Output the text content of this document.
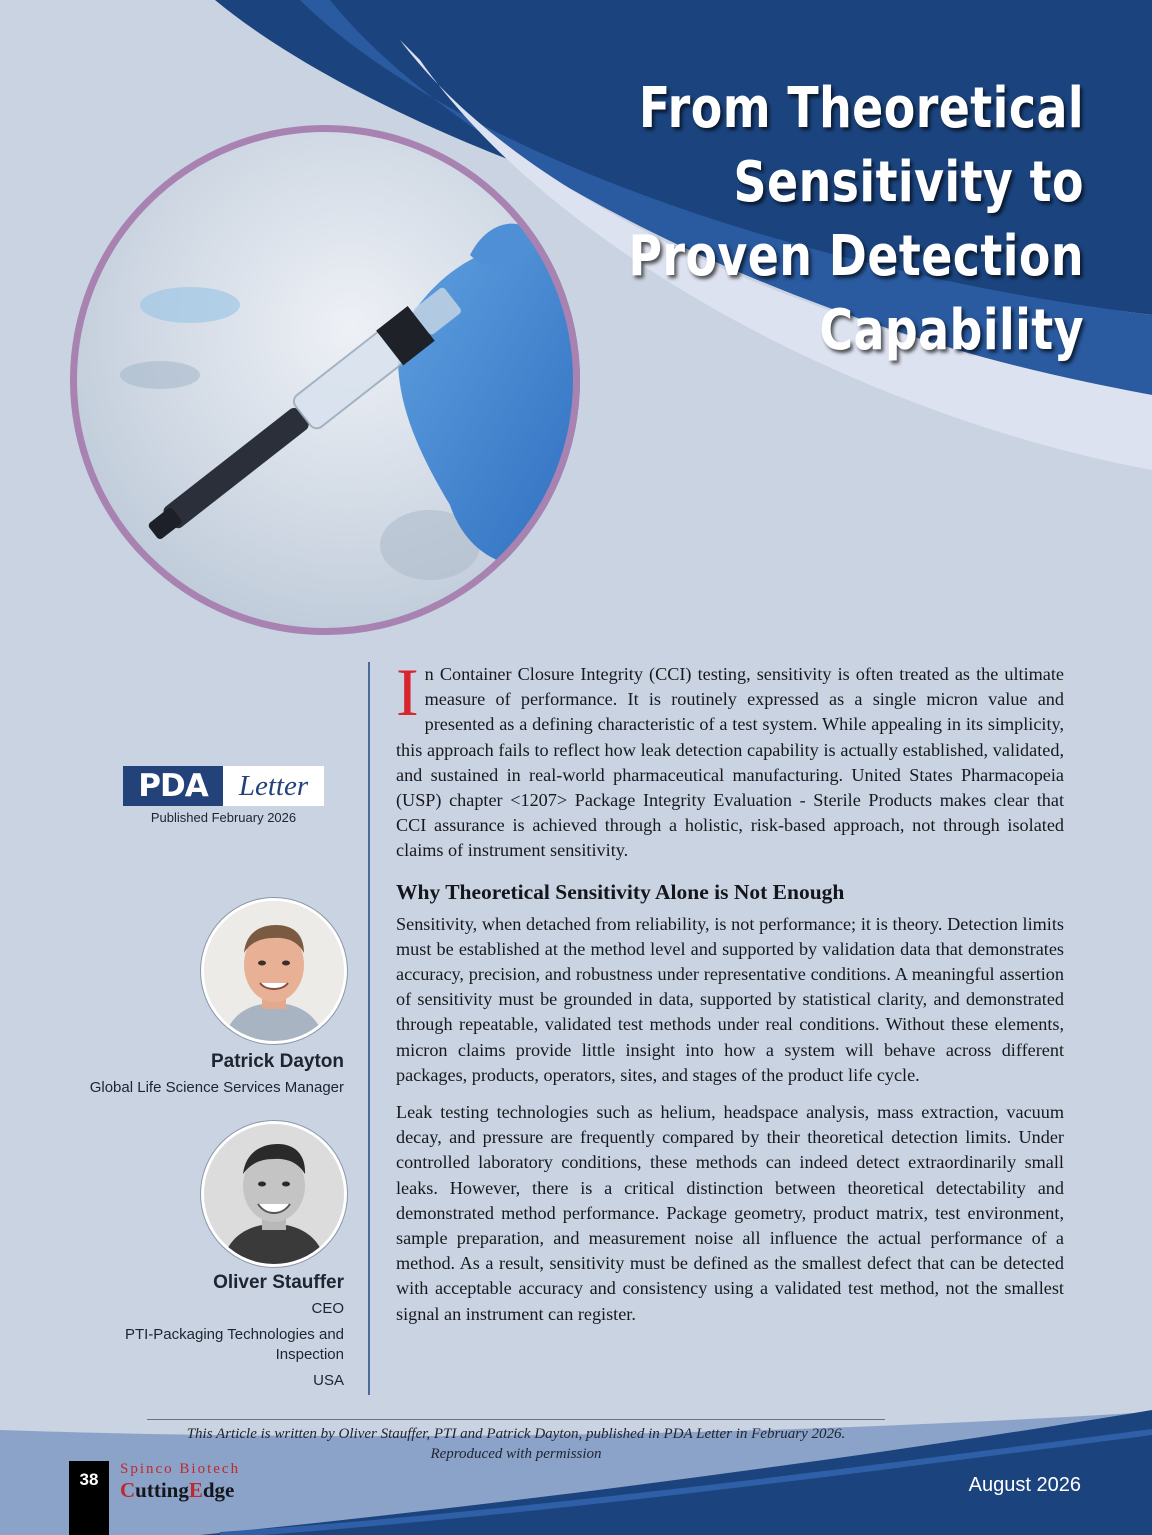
From Theoretical Sensitivity to
Proven Detection Capability
PDA	Letter
Published February 2026
Patrick Dayton
Global Life Science Services Manager
Oliver Stauffer
CEO
PTI-Packaging Technologies and Inspection
USA

In Container Closure Integrity (CCI) testing, sensitivity is often treated as the ultimate measure of performance. It is routinely expressed as a single micron value and presented as a defining characteristic of a test system. While appealing in its simplicity, this approach fails to reflect how leak detection capability is actually established, validated, and sustained in real-world pharmaceutical manufacturing. United States Pharmacopeia (USP) chapter <1207> Package Integrity Evaluation - Sterile Products makes clear that CCI assurance is achieved through a holistic, risk-based approach, not through isolated claims of instrument sensitivity.

Why Theoretical Sensitivity Alone is Not Enough

Sensitivity, when detached from reliability, is not performance; it is theory. Detection limits must be established at the method level and supported by validation data that demonstrates accuracy, precision, and robustness under representative conditions. A meaningful assertion of sensitivity must be grounded in data, supported by statistical clarity, and demonstrated through repeatable, validated test methods under real conditions. Without these elements, micron claims provide little insight into how a system will behave across different packages, products, operators, sites, and stages of the product life cycle.

Leak testing technologies such as helium, headspace analysis, mass extraction, vacuum decay, and pressure are frequently compared by their theoretical detection limits. Under controlled laboratory conditions, these methods can indeed detect extraordinarily small leaks. However, there is a critical distinction between theoretical detectability and demonstrated method performance. Package geometry, product matrix, test environment, sample preparation, and measurement noise all influence the actual performance of a method. As a result, sensitivity must be defined as the smallest defect that can be detected with acceptable accuracy and consistency using a validated test method, not the smallest signal an instrument can register.

This Article is written by Oliver Stauffer, PTI and Patrick Dayton, published in PDA Letter in February 2026.
Reproduced with permission
38
Spinco Biotech
CuttingEdge	August 2026
